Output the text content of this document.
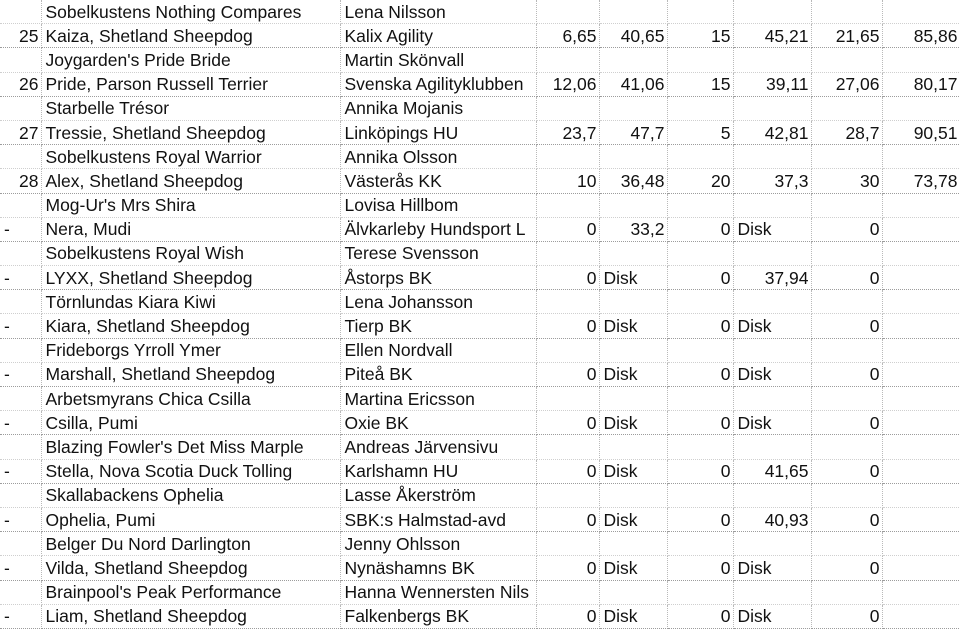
	Sobelkustens Nothing Compares	Lena Nilsson						
25	Kaiza, Shetland Sheepdog	Kalix Agility	6,65	40,65	15	45,21	21,65	85,86
	Joygarden's Pride Bride	Martin Skönvall						
26	Pride, Parson Russell Terrier	Svenska Agilityklubben	12,06	41,06	15	39,11	27,06	80,17
	Starbelle Trésor	Annika Mojanis						
27	Tressie, Shetland Sheepdog	Linköpings HU	23,7	47,7	5	42,81	28,7	90,51
	Sobelkustens Royal Warrior	Annika Olsson						
28	Alex, Shetland Sheepdog	Västerås KK	10	36,48	20	37,3	30	73,78
	Mog-Ur's Mrs Shira	Lovisa Hillbom						
-	Nera, Mudi	Älvkarleby Hundsport L	0	33,2	0	Disk	0	
	Sobelkustens Royal Wish	Terese Svensson						
-	LYXX, Shetland Sheepdog	Åstorps BK	0	Disk	0	37,94	0	
	Törnlundas Kiara Kiwi	Lena Johansson						
-	Kiara, Shetland Sheepdog	Tierp BK	0	Disk	0	Disk	0	
	Frideborgs Yrroll Ymer	Ellen Nordvall						
-	Marshall, Shetland Sheepdog	Piteå BK	0	Disk	0	Disk	0	
	Arbetsmyrans Chica Csilla	Martina Ericsson						
-	Csilla, Pumi	Oxie BK	0	Disk	0	Disk	0	
	Blazing Fowler's Det Miss Marple	Andreas Järvensivu						
-	Stella, Nova Scotia Duck Tolling	Karlshamn HU	0	Disk	0	41,65	0	
	Skallabackens Ophelia	Lasse Åkerström						
-	Ophelia, Pumi	SBK:s Halmstad-avd	0	Disk	0	40,93	0	
	Belger Du Nord Darlington	Jenny Ohlsson						
-	Vilda, Shetland Sheepdog	Nynäshamns BK	0	Disk	0	Disk	0	
	Brainpool's Peak Performance	Hanna Wennersten Nils						
-	Liam, Shetland Sheepdog	Falkenbergs BK	0	Disk	0	Disk	0	
